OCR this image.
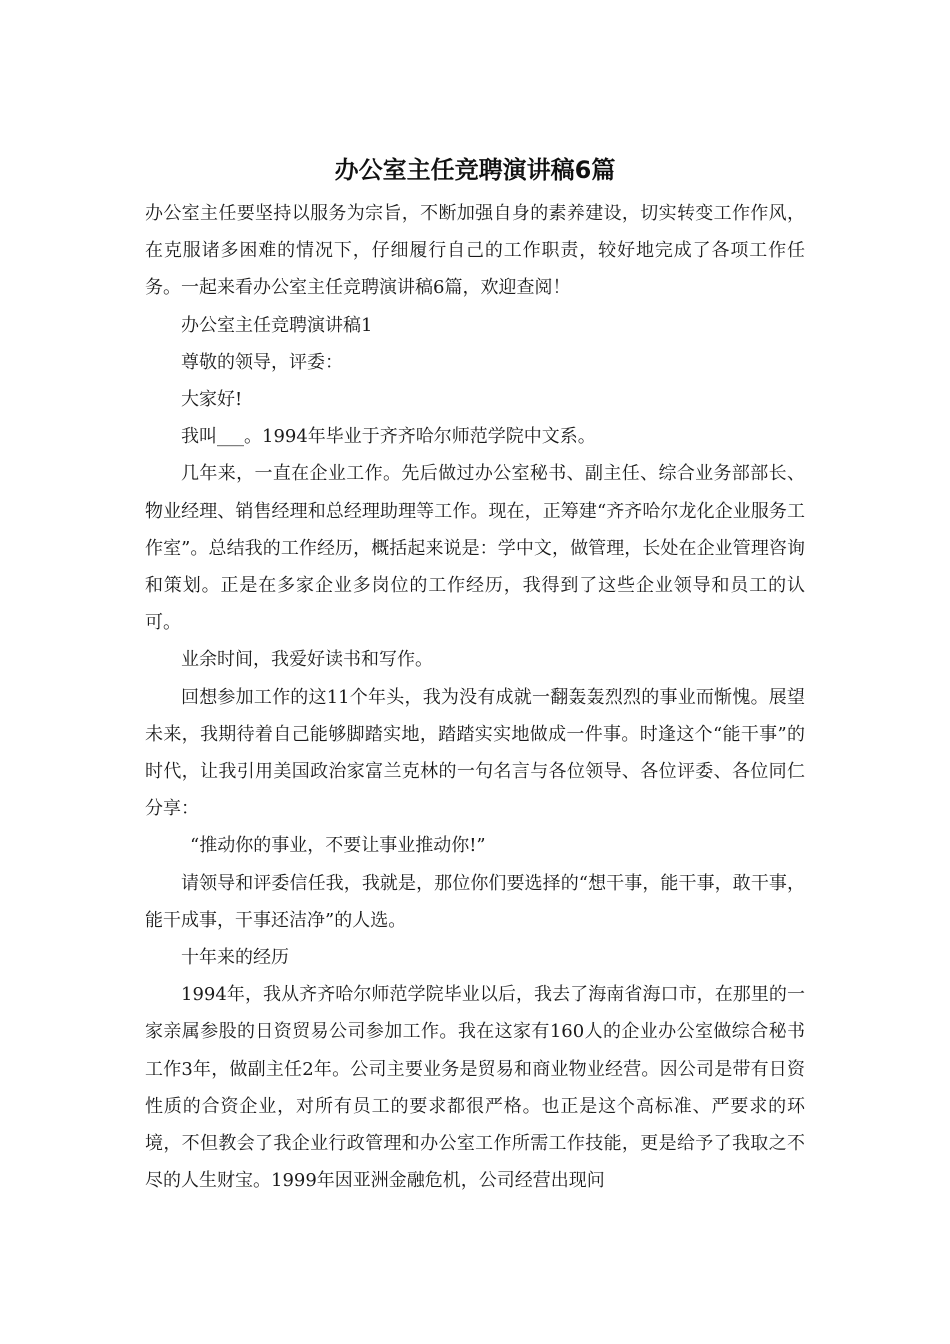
办公室主任竞聘演讲稿6篇

办公室主任要坚持以服务为宗旨，不断加强自身的素养建设，切实转变工作作风，在克服诸多困难的情况下，仔细履行自己的工作职责，较好地完成了各项工作任务。一起来看办公室主任竞聘演讲稿6篇，欢迎查阅！

办公室主任竞聘演讲稿1

尊敬的领导，评委：

大家好!

我叫___。1994年毕业于齐齐哈尔师范学院中文系。

几年来，一直在企业工作。先后做过办公室秘书、副主任、综合业务部部长、物业经理、销售经理和总经理助理等工作。现在，正筹建“齐齐哈尔龙化企业服务工作室”。总结我的工作经历，概括起来说是：学中文，做管理，长处在企业管理咨询和策划。正是在多家企业多岗位的工作经历，我得到了这些企业领导和员工的认可。

业余时间，我爱好读书和写作。

回想参加工作的这11个年头，我为没有成就一翻轰轰烈烈的事业而惭愧。展望未来，我期待着自己能够脚踏实地，踏踏实实地做成一件事。时逢这个“能干事”的时代，让我引用美国政治家富兰克林的一句名言与各位领导、各位评委、各位同仁分享：

“推动你的事业，不要让事业推动你!”

请领导和评委信任我，我就是，那位你们要选择的“想干事，能干事，敢干事，能干成事，干事还洁净”的人选。

十年来的经历

1994年，我从齐齐哈尔师范学院毕业以后，我去了海南省海口市，在那里的一家亲属参股的日资贸易公司参加工作。我在这家有160人的企业办公室做综合秘书工作3年，做副主任2年。公司主要业务是贸易和商业物业经营。因公司是带有日资性质的合资企业，对所有员工的要求都很严格。也正是这个高标准、严要求的环境，不但教会了我企业行政管理和办公室工作所需工作技能，更是给予了我取之不尽的人生财宝。1999年因亚洲金融危机，公司经营出现问
